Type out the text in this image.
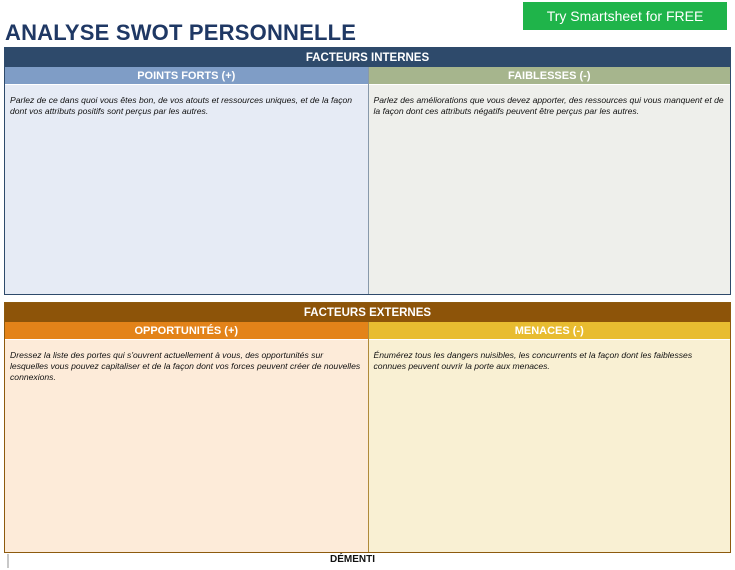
ANALYSE SWOT PERSONNELLE
Try Smartsheet for FREE
FACTEURS INTERNES
POINTS FORTS (+)
Parlez de ce dans quoi vous êtes bon, de vos atouts et ressources uniques, et de la façon dont vos attributs positifs sont perçus par les autres.
FAIBLESSES (-)
Parlez des améliorations que vous devez apporter, des ressources qui vous manquent et de la façon dont ces attributs négatifs peuvent être perçus par les autres.
FACTEURS EXTERNES
OPPORTUNITÉS (+)
Dressez la liste des portes qui s'ouvrent actuellement à vous, des opportunités sur lesquelles vous pouvez capitaliser et de la façon dont vos forces peuvent créer de nouvelles connexions.
MENACES (-)
Énumérez tous les dangers nuisibles, les concurrents et la façon dont les faiblesses connues peuvent ouvrir la porte aux menaces.
DÉMENTI
